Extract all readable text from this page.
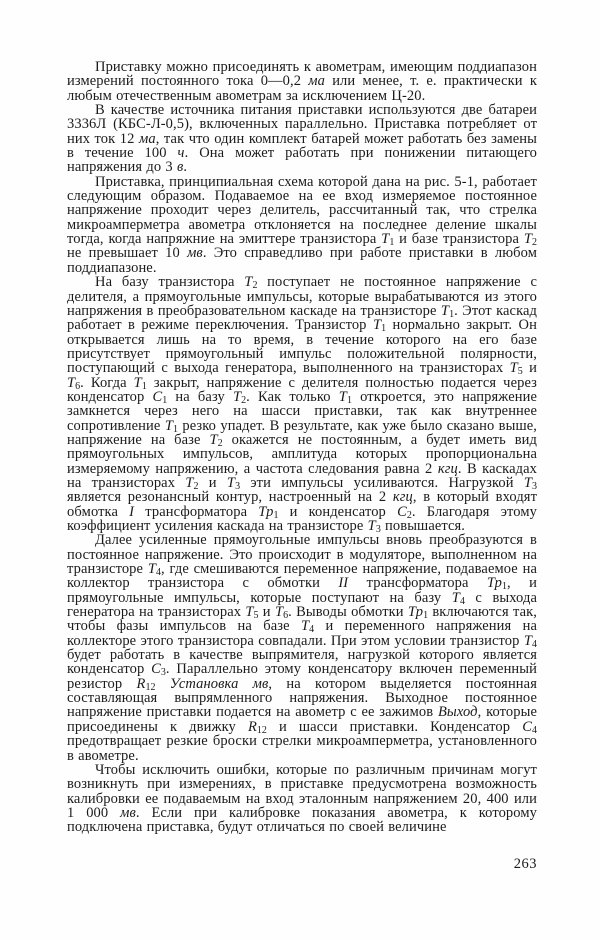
Приставку можно присоединять к авометрам, имеющим поддиапазон измерений постоянного тока 0—0,2 ма или менее, т. е. практически к любым отечественным авометрам за исключением Ц-20.

В качестве источника питания приставки используются две батареи 3336Л (КБС-Л-0,5), включенных параллельно. Приставка потребляет от них ток 12 ма, так что один комплект батарей может работать без замены в течение 100 ч. Она может работать при понижении питающего напряжения до 3 в.

Приставка, принципиальная схема которой дана на рис. 5-1, работает следующим образом. Подаваемое на ее вход измеряемое постоянное напряжение проходит через делитель, рассчитанный так, что стрелка микроамперметра авометра отклоняется на последнее деление шкалы тогда, когда напряжние на эмиттере транзистора Т1 и базе транзистора Т2 не превышает 10 мв. Это справедливо при работе приставки в любом поддиапазоне.

На базу транзистора Т2 поступает не постоянное напряжение с делителя, а прямоугольные импульсы, которые вырабатываются из этого напряжения в преобразовательном каскаде на транзисторе Т1. Этот каскад работает в режиме переключения. Транзистор Т1 нормально закрыт. Он открывается лишь на то время, в течение которого на его базе присутствует прямоугольный импульс положительной полярности, поступающий с выхода генератора, выполненного на транзисторах Т5 и Т6. Когда Т1 закрыт, напряжение с делителя полностью подается через конденсатор С1 на базу Т2. Как только Т1 откроется, это напряжение замкнется через него на шасси приставки, так как внутреннее сопротивление Т1 резко упадет. В результате, как уже было сказано выше, напряжение на базе Т2 окажется не постоянным, а будет иметь вид прямоугольных импульсов, амплитуда которых пропорциональна измеряемому напряжению, а частота следования равна 2 кгц. В каскадах на транзисторах Т2 и Т3 эти импульсы усиливаются. Нагрузкой Т3 является резонансный контур, настроенный на 2 кгц, в который входят обмотка I трансформатора Тр1 и конденсатор С2. Благодаря этому коэффициент усиления каскада на транзисторе Т3 повышается.

Далее усиленные прямоугольные импульсы вновь преобразуются в постоянное напряжение. Это происходит в модуляторе, выполненном на транзисторе Т4, где смешиваются переменное напряжение, подаваемое на коллектор транзистора с обмотки II трансформатора Тр1, и прямоугольные импульсы, которые поступают на базу Т4 с выхода генератора на транзисторах Т5 и Т6. Выводы обмотки Тр1 включаются так, чтобы фазы импульсов на базе Т4 и переменного напряжения на коллекторе этого транзистора совпадали. При этом условии транзистор Т4 будет работать в качестве выпрямителя, нагрузкой которого является конденсатор С3. Параллельно этому конденсатору включен переменный резистор R12 Установка мв, на котором выделяется постоянная составляющая выпрямленного напряжения. Выходное постоянное напряжение приставки подается на авометр с ее зажимов Выход, которые присоединены к движку R12 и шасси приставки. Конденсатор С4 предотвращает резкие броски стрелки микроамперметра, установленного в авометре.

Чтобы исключить ошибки, которые по различным причинам могут возникнуть при измерениях, в приставке предусмотрена возможность калибровки ее подаваемым на вход эталонным напряжением 20, 400 или 1 000 мв. Если при калибровке показания авометра, к которому подключена приставка, будут отличаться по своей величине

263
